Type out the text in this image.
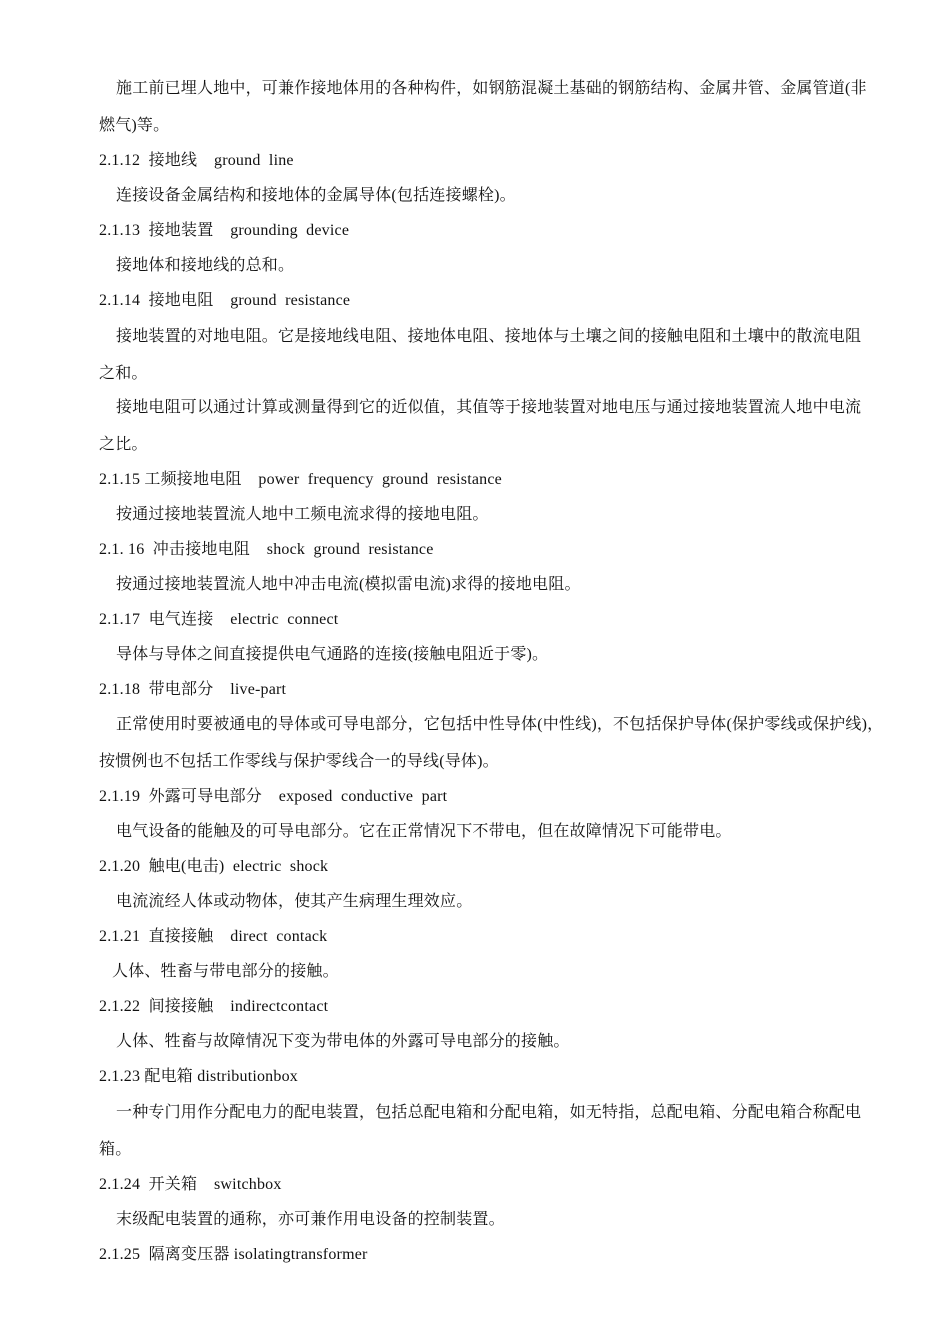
施工前已埋人地中，可兼作接地体用的各种构件，如钢筋混凝土基础的钢筋结构、金属井管、金属管道(非
燃气)等。
2.1.12  接地线    ground  line
连接设备金属结构和接地体的金属导体(包括连接螺栓)。
2.1.13  接地装置    grounding  device
接地体和接地线的总和。
2.1.14  接地电阻    ground  resistance
接地装置的对地电阻。它是接地线电阻、接地体电阻、接地体与土壤之间的接触电阻和土壤中的散流电阻
之和。
接地电阻可以通过计算或测量得到它的近似值，其值等于接地装置对地电压与通过接地装置流人地中电流
之比。
2.1.15 工频接地电阻    power  frequency  ground  resistance
按通过接地装置流人地中工频电流求得的接地电阻。
2.1. 16  冲击接地电阻    shock  ground  resistance
按通过接地装置流人地中冲击电流(模拟雷电流)求得的接地电阻。
2.1.17  电气连接    electric  connect
导体与导体之间直接提供电气通路的连接(接触电阻近于零)。
2.1.18  带电部分    live-part
正常使用时要被通电的导体或可导电部分，它包括中性导体(中性线)，不包括保护导体(保护零线或保护线)，
按惯例也不包括工作零线与保护零线合一的导线(导体)。
2.1.19  外露可导电部分    exposed  conductive  part
电气设备的能触及的可导电部分。它在正常情况下不带电，但在故障情况下可能带电。
2.1.20  触电(电击)  electric  shock
电流流经人体或动物体，使其产生病理生理效应。
2.1.21  直接接触    direct  contack
人体、牲畜与带电部分的接触。
2.1.22  间接接触    indirectcontact
人体、牲畜与故障情况下变为带电体的外露可导电部分的接触。
2.1.23 配电箱 distributionbox
一种专门用作分配电力的配电装置，包括总配电箱和分配电箱，如无特指，总配电箱、分配电箱合称配电
箱。
2.1.24  开关箱    switchbox
末级配电装置的通称，亦可兼作用电设备的控制装置。
2.1.25  隔离变压器 isolatingtransformer
